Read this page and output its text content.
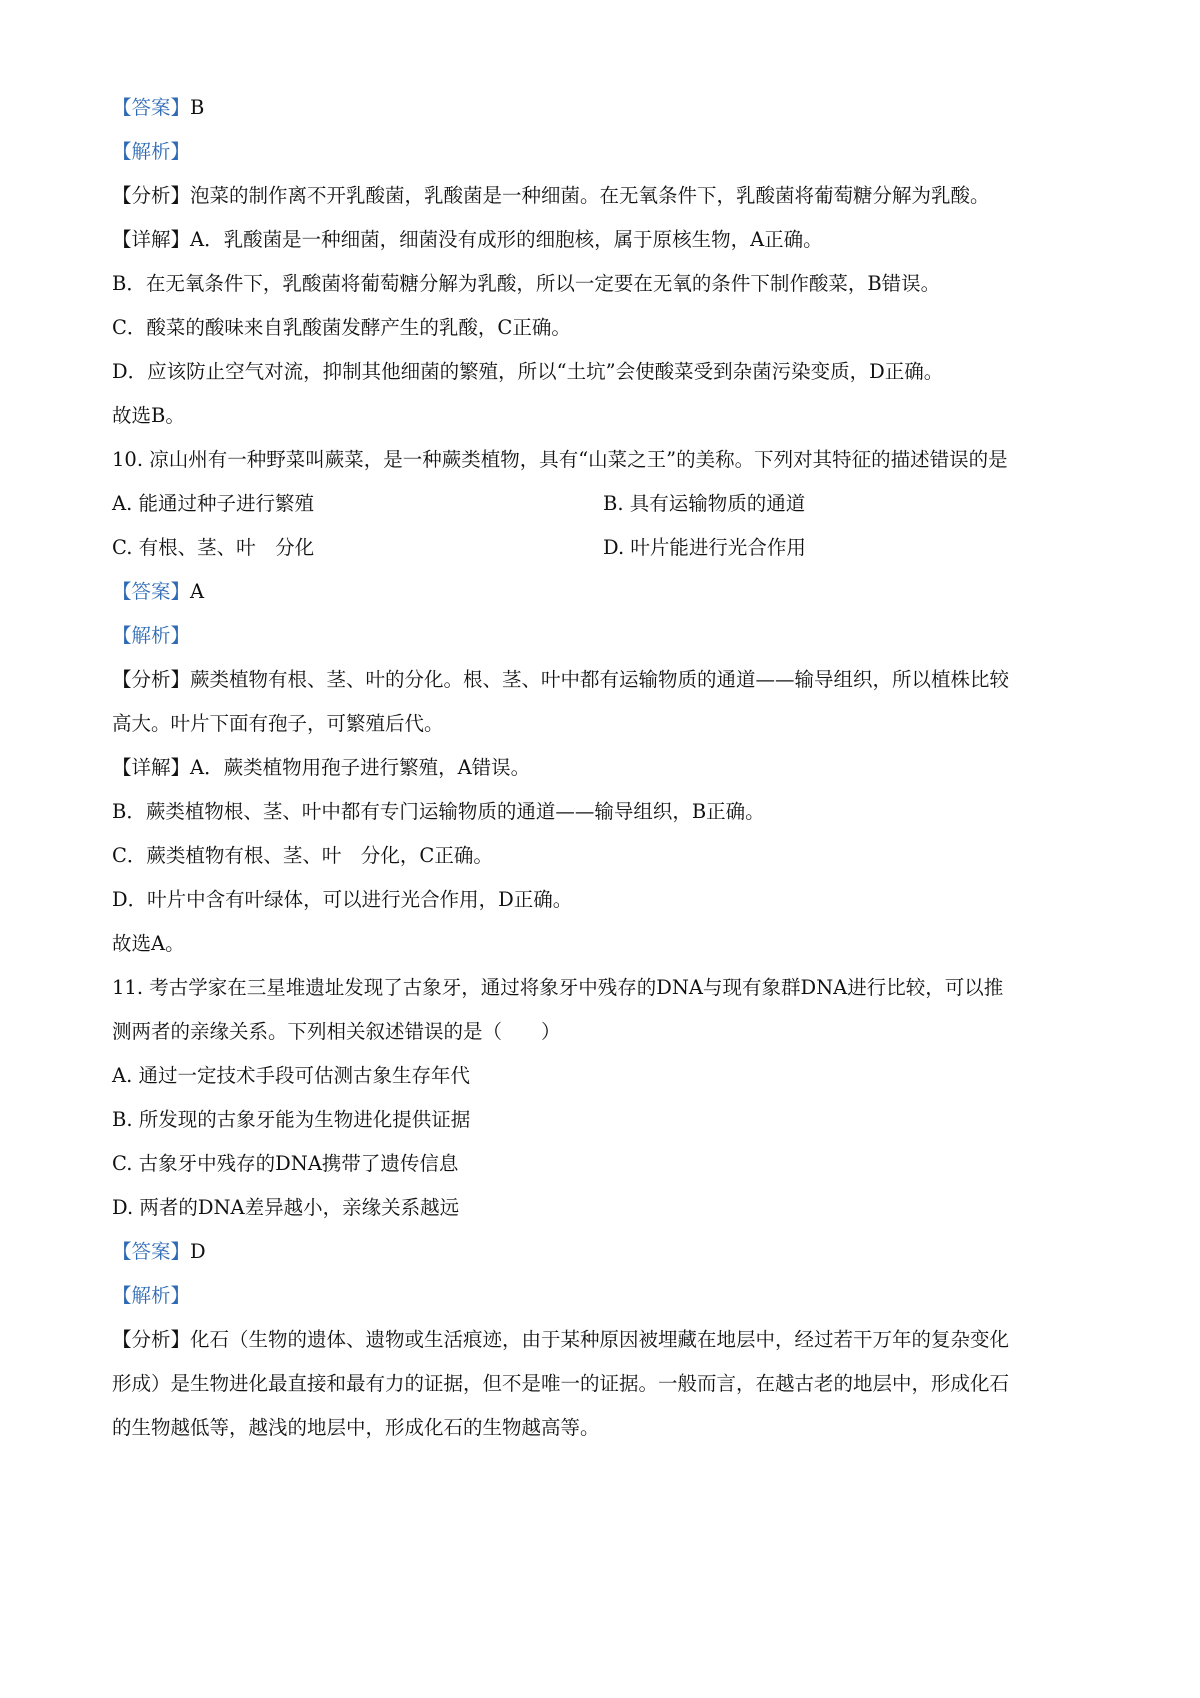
【答案】B
【解析】
【分析】泡菜的制作离不开乳酸菌，乳酸菌是一种细菌。在无氧条件下，乳酸菌将葡萄糖分解为乳酸。
【详解】A．乳酸菌是一种细菌，细菌没有成形的细胞核，属于原核生物，A正确。
B．在无氧条件下，乳酸菌将葡萄糖分解为乳酸，所以一定要在无氧的条件下制作酸菜，B错误。
C．酸菜的酸味来自乳酸菌发酵产生的乳酸，C正确。
D．应该防止空气对流，抑制其他细菌的繁殖，所以“土坑”会使酸菜受到杂菌污染变质，D正确。
故选B。
10. 凉山州有一种野菜叫蕨菜，是一种蕨类植物，具有“山菜之王”的美称。下列对其特征的描述错误的是
A. 能通过种子进行繁殖	B. 具有运输物质的通道
C. 有根、茎、叶　分化	D. 叶片能进行光合作用
【答案】A
【解析】
【分析】蕨类植物有根、茎、叶的分化。根、茎、叶中都有运输物质的通道——输导组织，所以植株比较
高大。叶片下面有孢子，可繁殖后代。
【详解】A．蕨类植物用孢子进行繁殖，A错误。
B．蕨类植物根、茎、叶中都有专门运输物质的通道——输导组织，B正确。
C．蕨类植物有根、茎、叶　分化，C正确。
D．叶片中含有叶绿体，可以进行光合作用，D正确。
故选A。
11. 考古学家在三星堆遗址发现了古象牙，通过将象牙中残存的DNA与现有象群DNA进行比较，可以推
测两者的亲缘关系。下列相关叙述错误的是（　　）
A. 通过一定技术手段可估测古象生存年代
B. 所发现的古象牙能为生物进化提供证据
C. 古象牙中残存的DNA携带了遗传信息
D. 两者的DNA差异越小，亲缘关系越远
【答案】D
【解析】
【分析】化石（生物的遗体、遗物或生活痕迹，由于某种原因被埋藏在地层中，经过若干万年的复杂变化
形成）是生物进化最直接和最有力的证据，但不是唯一的证据。一般而言，在越古老的地层中，形成化石
的生物越低等，越浅的地层中，形成化石的生物越高等。
